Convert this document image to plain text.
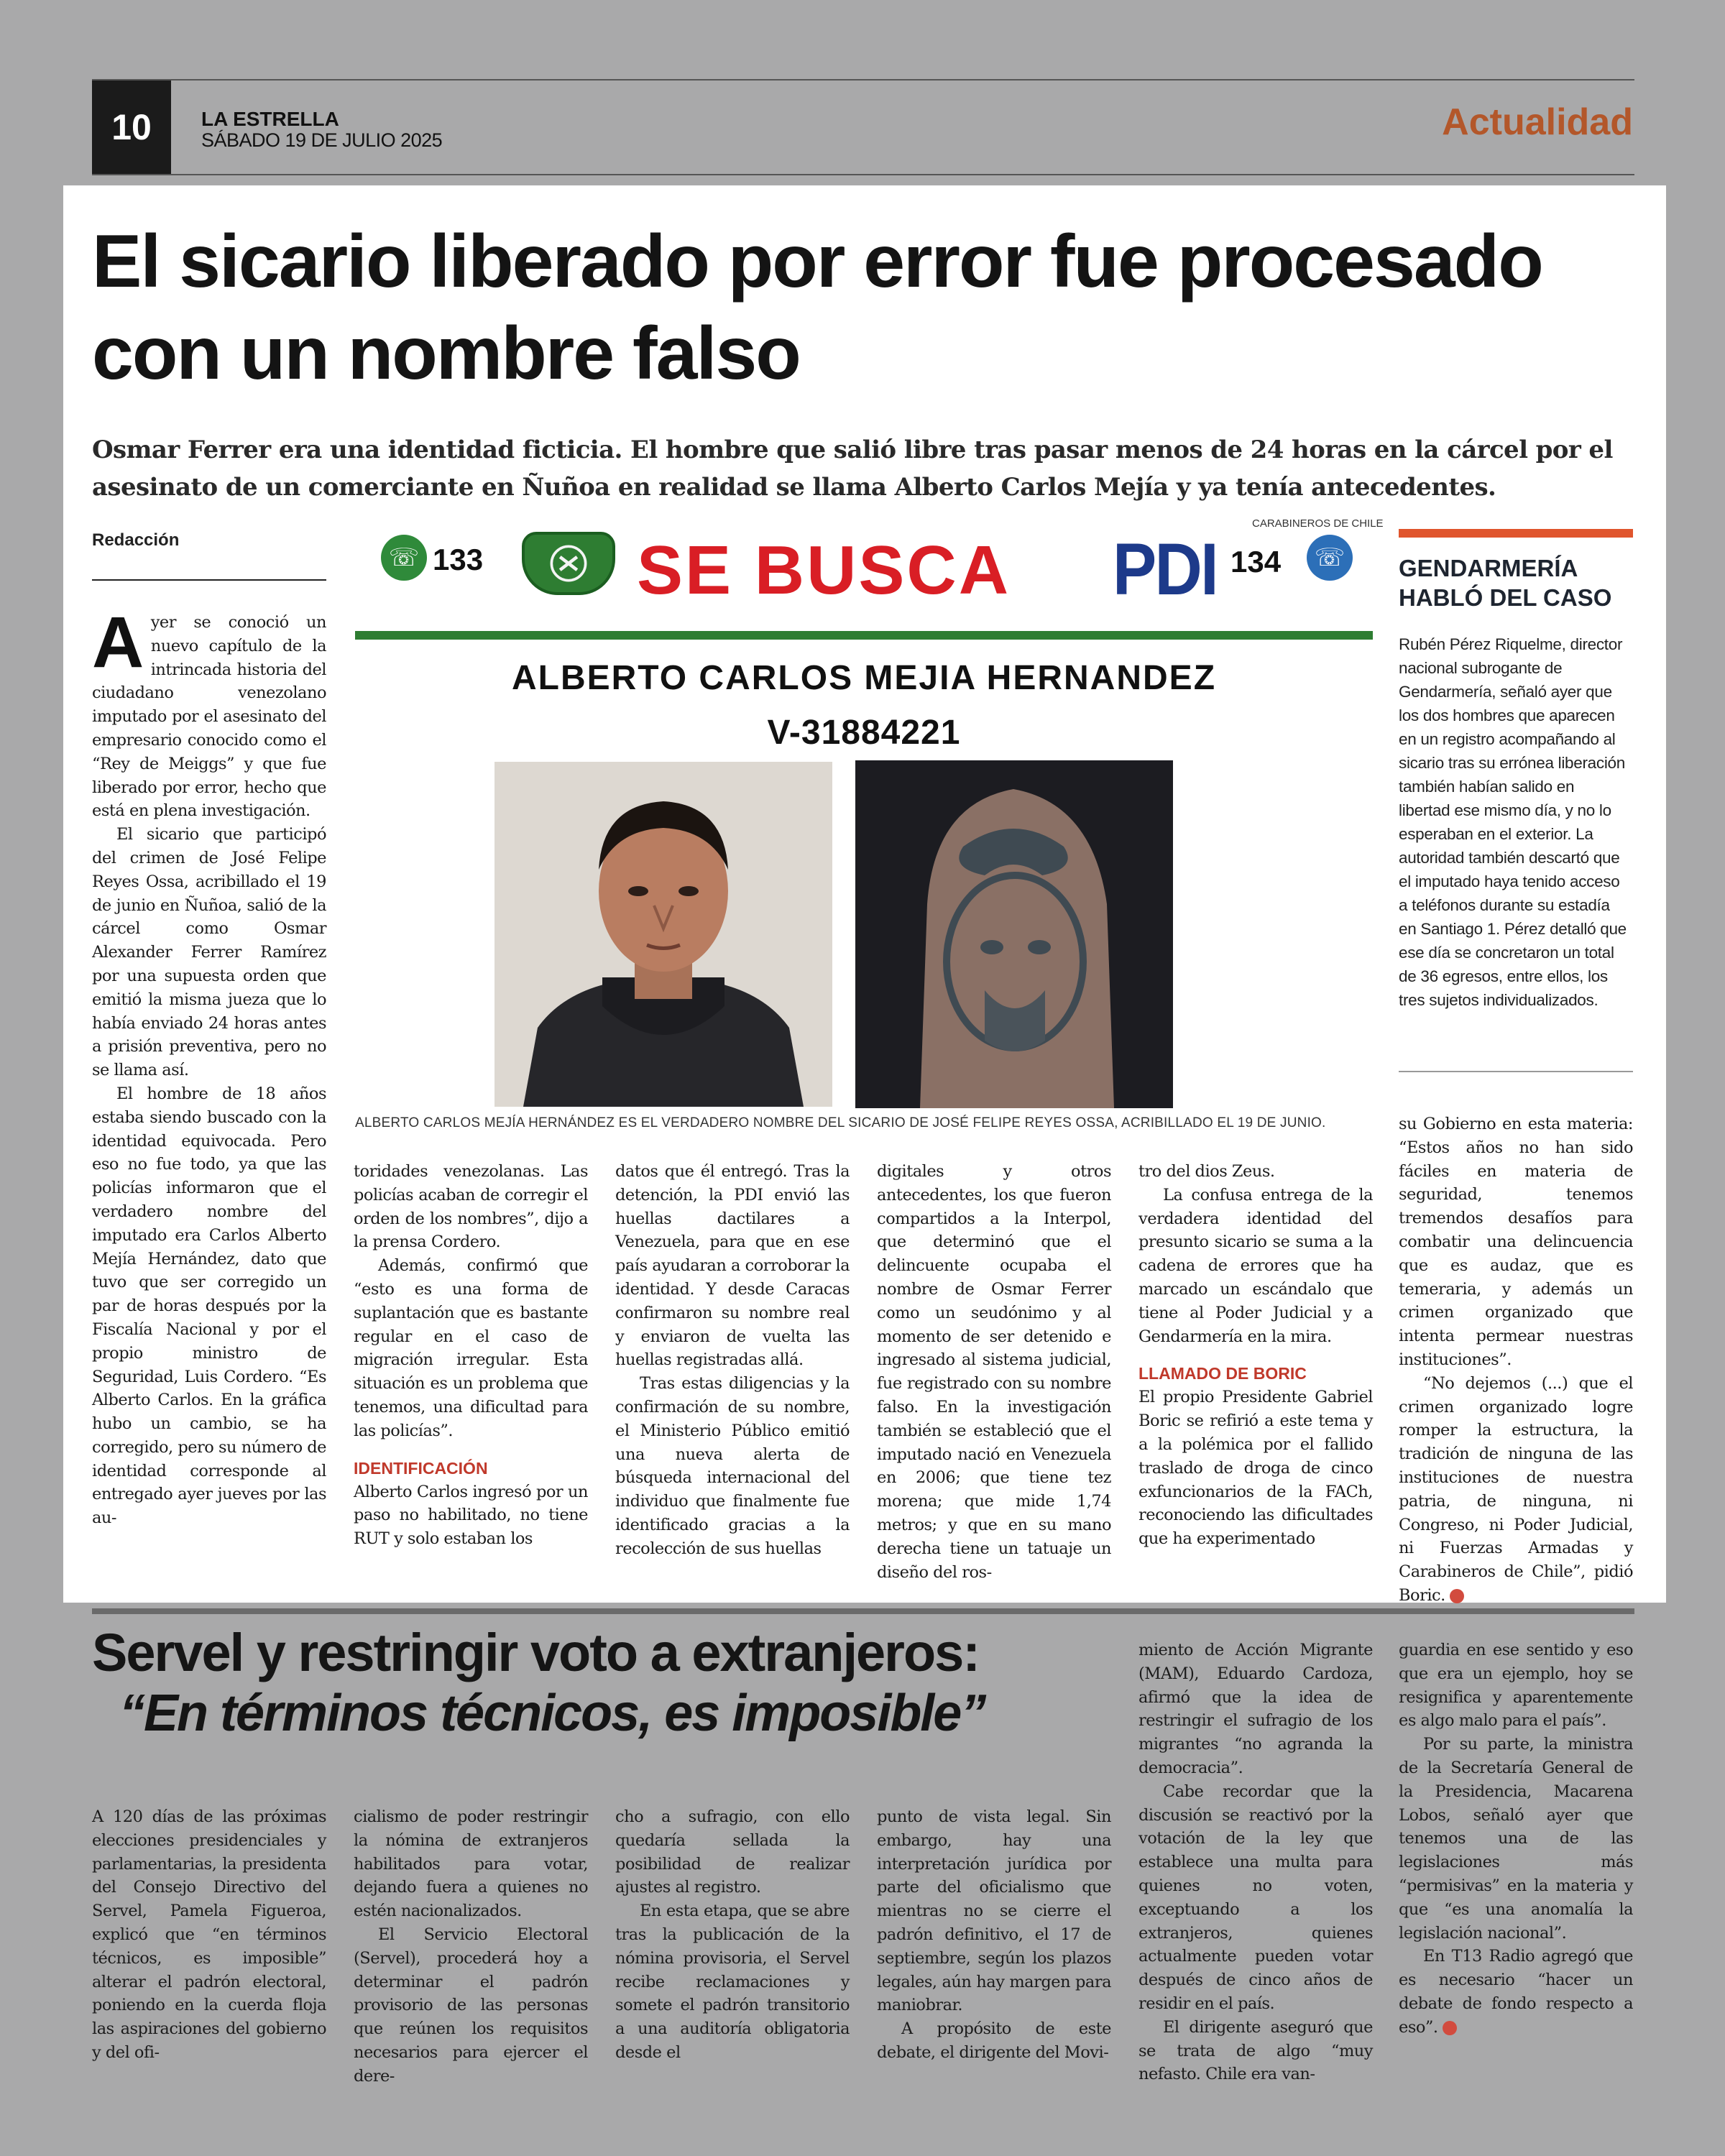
10	LA ESTRELLA
SÁBADO 19 DE JULIO 2025	Actualidad
El sicario liberado por error fue procesado con un nombre falso
Osmar Ferrer era una identidad ficticia. El hombre que salió libre tras pasar menos de 24 horas en la cárcel por el asesinato de un comerciante en Ñuñoa en realidad se llama Alberto Carlos Mejía y ya tenía antecedentes.
Redacción

Ayer se conoció un nuevo capítulo de la intrincada historia del ciudadano venezolano imputado por el asesinato del empresario conocido como el “Rey de Meiggs” y que fue liberado por error, hecho que está en plena investigación.

El sicario que participó del crimen de José Felipe Reyes Ossa, acribillado el 19 de junio en Ñuñoa, salió de la cárcel como Osmar Alexander Ferrer Ramírez por una supuesta orden que emitió la misma jueza que lo había enviado 24 horas antes a prisión preventiva, pero no se llama así.

El hombre de 18 años estaba siendo buscado con la identidad equivocada. Pero eso no fue todo, ya que las policías informaron que el verdadero nombre del imputado era Carlos Alberto Mejía Hernández, dato que tuvo que ser corregido un par de horas después por la Fiscalía Nacional y por el propio ministro de Seguridad, Luis Cordero. “Es Alberto Carlos. En la gráfica hubo un cambio, se ha corregido, pero su número de identidad corresponde al entregado ayer jueves por las au-

toridades venezolanas. Las policías acaban de corregir el orden de los nombres”, dijo a la prensa Cordero.

Además, confirmó que “esto es una forma de suplantación que es bastante regular en el caso de migración irregular. Esta situación es un problema que tenemos, una dificultad para las policías”.

IDENTIFICACIÓN

Alberto Carlos ingresó por un paso no habilitado, no tiene RUT y solo estaban los

datos que él entregó. Tras la detención, la PDI envió las huellas dactilares a Venezuela, para que en ese país ayudaran a corroborar la identidad. Y desde Caracas confirmaron su nombre real y enviaron de vuelta las huellas registradas allá.

Tras estas diligencias y la confirmación de su nombre, el Ministerio Público emitió una nueva alerta de búsqueda internacional del individuo que finalmente fue identificado gracias a la recolección de sus huellas

digitales y otros antecedentes, los que fueron compartidos a la Interpol, que determinó que el delincuente ocupaba el nombre de Osmar Ferrer como un seudónimo y al momento de ser detenido e ingresado al sistema judicial, fue registrado con su nombre falso. En la investigación también se estableció que el imputado nació en Venezuela en 2006; que tiene tez morena; que mide 1,74 metros; y que en su mano derecha tiene un tatuaje un diseño del ros-

tro del dios Zeus.

La confusa entrega de la verdadera identidad del presunto sicario se suma a la cadena de errores que ha marcado un escándalo que tiene al Poder Judicial y a Gendarmería en la mira.

LLAMADO DE BORIC

El propio Presidente Gabriel Boric se refirió a este tema y a la polémica por el fallido traslado de droga de cinco exfuncionarios de la FACh, reconociendo las dificultades que ha experimentado

su Gobierno en esta materia: “Estos años no han sido fáciles en materia de seguridad, tenemos tremendos desafíos para combatir una delincuencia que es audaz, que es temeraria, y además un crimen organizado que intenta permear nuestras instituciones”.

“No dejemos (...) que el crimen organizado logre romper la estructura, la tradición de ninguna de las instituciones de nuestra patria, de ninguna, ni Congreso, ni Poder Judicial, ni Fuerzas Armadas y Carabineros de Chile”, pidió Boric.

☏ 133 SE BUSCA PDI
CARABINEROS DE CHILE
134	☏
ALBERTO CARLOS MEJIA HERNANDEZ
V-31884221
ALBERTO CARLOS MEJÍA HERNÁNDEZ ES EL VERDADERO NOMBRE DEL SICARIO DE JOSÉ FELIPE REYES OSSA, ACRIBILLADO EL 19 DE JUNIO.
GENDARMERÍA HABLÓ DEL CASO
Rubén Pérez Riquelme, director nacional subrogante de Gendarmería, señaló ayer que los dos hombres que aparecen en un registro acompañando al sicario tras su errónea liberación también habían salido en libertad ese mismo día, y no lo esperaban en el exterior. La autoridad también descartó que el imputado haya tenido acceso a teléfonos durante su estadía en Santiago 1. Pérez detalló que ese día se concretaron un total de 36 egresos, entre ellos, los tres sujetos individualizados.
Servel y restringir voto a extranjeros:
“En términos técnicos, es imposible”

A 120 días de las próximas elecciones presidenciales y parlamentarias, la presidenta del Consejo Directivo del Servel, Pamela Figueroa, explicó que “en términos técnicos, es imposible” alterar el padrón electoral, poniendo en la cuerda floja las aspiraciones del gobierno y del ofi-

cialismo de poder restringir la nómina de extranjeros habilitados para votar, dejando fuera a quienes no estén nacionalizados.

El Servicio Electoral (Servel), procederá hoy a determinar el padrón provisorio de las personas que reúnen los requisitos necesarios para ejercer el dere-

cho a sufragio, con ello quedaría sellada la posibilidad de realizar ajustes al registro.

En esta etapa, que se abre tras la publicación de la nómina provisoria, el Servel recibe reclamaciones y somete el padrón transitorio a una auditoría obligatoria desde el

punto de vista legal. Sin embargo, hay una interpretación jurídica por parte del oficialismo que mientras no se cierre el padrón definitivo, el 17 de septiembre, según los plazos legales, aún hay margen para maniobrar.

A propósito de este debate, el dirigente del Movi-

miento de Acción Migrante (MAM), Eduardo Cardoza, afirmó que la idea de restringir el sufragio de los migrantes “no agranda la democracia”.

Cabe recordar que la discusión se reactivó por la votación de la ley que establece una multa para quienes no voten, exceptuando a los extranjeros, quienes actualmente pueden votar después de cinco años de residir en el país.

El dirigente aseguró que se trata de algo “muy nefasto. Chile era van-

guardia en ese sentido y eso que era un ejemplo, hoy se resignifica y aparentemente es algo malo para el país”.

Por su parte, la ministra de la Secretaría General de la Presidencia, Macarena Lobos, señaló ayer que tenemos una de las legislaciones más “permisivas” en la materia y que “es una anomalía la legislación nacional”.

En T13 Radio agregó que es necesario “hacer un debate de fondo respecto a eso”.
